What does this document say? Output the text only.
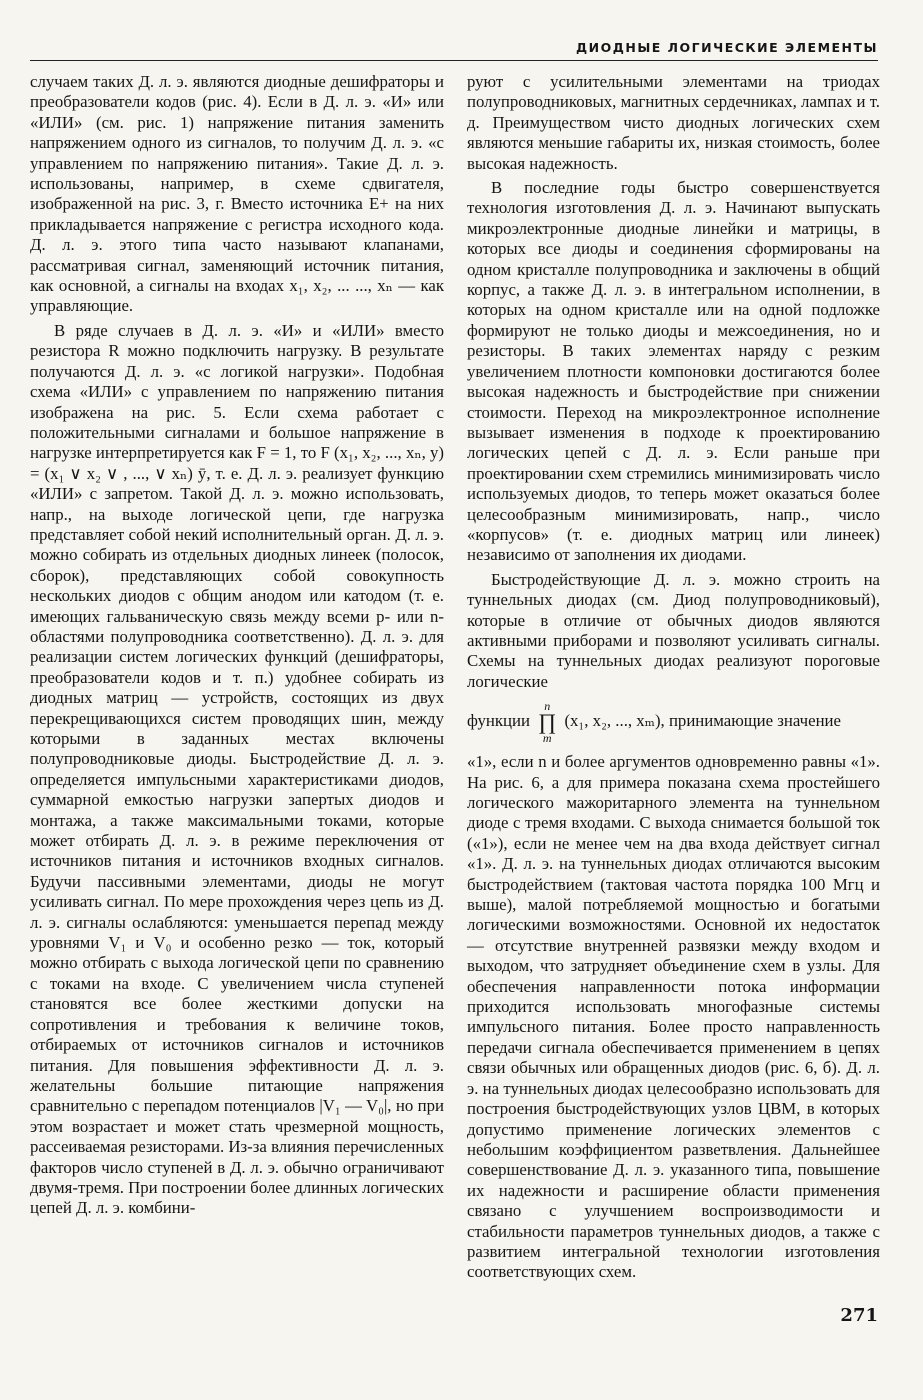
ДИОДНЫЕ ЛОГИЧЕСКИЕ ЭЛЕМЕНТЫ

случаем таких Д. л. э. являются диодные дешифраторы и преобразователи кодов (рис. 4). Если в Д. л. э. «И» или «ИЛИ» (см. рис. 1) напряжение питания заменить напряжением одного из сигналов, то получим Д. л. э. «с управлением по напряжению питания». Такие Д. л. э. использованы, например, в схеме сдвигателя, изображенной на рис. 3, г. Вместо источника E+ на них прикладывается напряжение с регистра исходного кода. Д. л. э. этого типа часто называют клапанами, рассматривая сигнал, заменяющий источник питания, как основной, а сигналы на входах x₁, x₂, ... ..., xₙ — как управляющие.

В ряде случаев в Д. л. э. «И» и «ИЛИ» вместо резистора R можно подключить нагрузку. В результате получаются Д. л. э. «с логикой нагрузки». Подобная схема «ИЛИ» с управлением по напряжению питания изображена на рис. 5. Если схема работает с положительными сигналами и большое напряжение в нагрузке интерпретируется как F = 1, то F (x₁, x₂, ..., xₙ, y) = (x₁ ∨ x₂ ∨ , ..., ∨ xₙ) ȳ, т. е. Д. л. э. реализует функцию «ИЛИ» с запретом. Такой Д. л. э. можно использовать, напр., на выходе логической цепи, где нагрузка представляет собой некий исполнительный орган. Д. л. э. можно собирать из отдельных диодных линеек (полосок, сборок), представляющих собой совокупность нескольких диодов с общим анодом или катодом (т. е. имеющих гальваническую связь между всеми p- или n-областями полупроводника соответственно). Д. л. э. для реализации систем логических функций (дешифраторы, преобразователи кодов и т. п.) удобнее собирать из диодных матриц — устройств, состоящих из двух перекрещивающихся систем проводящих шин, между которыми в заданных местах включены полупроводниковые диоды. Быстродействие Д. л. э. определяется импульсными характеристиками диодов, суммарной емкостью нагрузки запертых диодов и монтажа, а также максимальными токами, которые может отбирать Д. л. э. в режиме переключения от источников питания и источников входных сигналов. Будучи пассивными элементами, диоды не могут усиливать сигнал. По мере прохождения через цепь из Д. л. э. сигналы ослабляются: уменьшается перепад между уровнями V₁ и V₀ и особенно резко — ток, который можно отбирать с выхода логической цепи по сравнению с токами на входе. С увеличением числа ступеней становятся все более жесткими допуски на сопротивления и требования к величине токов, отбираемых от источников сигналов и источников питания. Для повышения эффективности Д. л. э. желательны большие питающие напряжения сравнительно с перепадом потенциалов |V₁ — V₀|, но при этом возрастает и может стать чрезмерной мощность, рассеиваемая резисторами. Из-за влияния перечисленных факторов число ступеней в Д. л. э. обычно ограничивают двумя-тремя. При построении более длинных логических цепей Д. л. э. комбини-

руют с усилительными элементами на триодах полупроводниковых, магнитных сердечниках, лампах и т. д. Преимуществом чисто диодных логических схем являются меньшие габариты их, низкая стоимость, более высокая надежность.

В последние годы быстро совершенствуется технология изготовления Д. л. э. Начинают выпускать микроэлектронные диодные линейки и матрицы, в которых все диоды и соединения сформированы на одном кристалле полупроводника и заключены в общий корпус, а также Д. л. э. в интегральном исполнении, в которых на одном кристалле или на одной подложке формируют не только диоды и межсоединения, но и резисторы. В таких элементах наряду с резким увеличением плотности компоновки достигаются более высокая надежность и быстродействие при снижении стоимости. Переход на микроэлектронное исполнение вызывает изменения в подходе к проектированию логических цепей с Д. л. э. Если раньше при проектировании схем стремились минимизировать число используемых диодов, то теперь может оказаться более целесообразным минимизировать, напр., число «корпусов» (т. е. диодных матриц или линеек) независимо от заполнения их диодами.

Быстродействующие Д. л. э. можно строить на туннельных диодах (см. Диод полупроводниковый), которые в отличие от обычных диодов являются активными приборами и позволяют усиливать сигналы. Схемы на туннельных диодах реализуют пороговые логические

функции
n
∏
m
(x₁, x₂, ..., xₘ), принимающие значение

«1», если n и более аргументов одновременно равны «1». На рис. 6, а для примера показана схема простейшего логического мажоритарного элемента на туннельном диоде с тремя входами. С выхода снимается большой ток («1»), если не менее чем на два входа действует сигнал «1». Д. л. э. на туннельных диодах отличаются высоким быстродействием (тактовая частота порядка 100 Мгц и выше), малой потребляемой мощностью и богатыми логическими возможностями. Основной их недостаток — отсутствие внутренней развязки между входом и выходом, что затрудняет объединение схем в узлы. Для обеспечения направленности потока информации приходится использовать многофазные системы импульсного питания. Более просто направленность передачи сигнала обеспечивается применением в цепях связи обычных или обращенных диодов (рис. 6, б). Д. л. э. на туннельных диодах целесообразно использовать для построения быстродействующих узлов ЦВМ, в которых допустимо применение логических элементов с небольшим коэффициентом разветвления. Дальнейшее совершенствование Д. л. э. указанного типа, повышение их надежности и расширение области применения связано с улучшением воспроизводимости и стабильности параметров туннельных диодов, а также с развитием интегральной технологии изготовления соответствующих схем.

271
